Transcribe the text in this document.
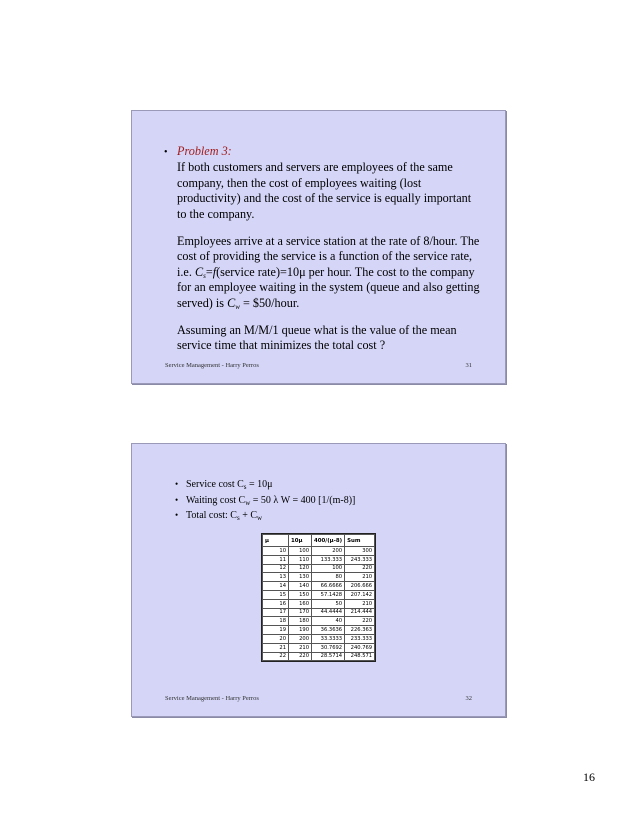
• Problem 3:
If both customers and servers are employees of the same company, then the cost of employees waiting (lost productivity) and the cost of the service is equally important to the company.
Employees arrive at a service station at the rate of 8/hour. The cost of providing the service is a function of the service rate, i.e. $C_s=f(service$ rate)=10μ per hour. The cost to the company for an employee waiting in the system (queue and also getting served) is $C_w$ = $50/hour.
Assuming an M/M/1 queue what is the value of the mean service time that minimizes the total cost ?
Service Management - Harry Perros	31
• Service cost $C_s = 10\mu$
• Waiting cost $C_w = 50$ λ W = 400 [1/(m-8)]
• Total cost: $C_s + C_w$
μ	10μ	400/(μ-8)	Sum
10	100	200	300
11	110	133.333	243.333
12	120	100	220
13	130	80	210
14	140	66.6666	206.666
15	150	57.1428	207.142
16	160	50	210
17	170	44.4444	214.444
18	180	40	220
19	190	36.3636	226.363
20	200	33.3333	233.333
21	210	30.7692	240.769
22	220	28.5714	248.571
Service Management - Harry Perros	32
16
